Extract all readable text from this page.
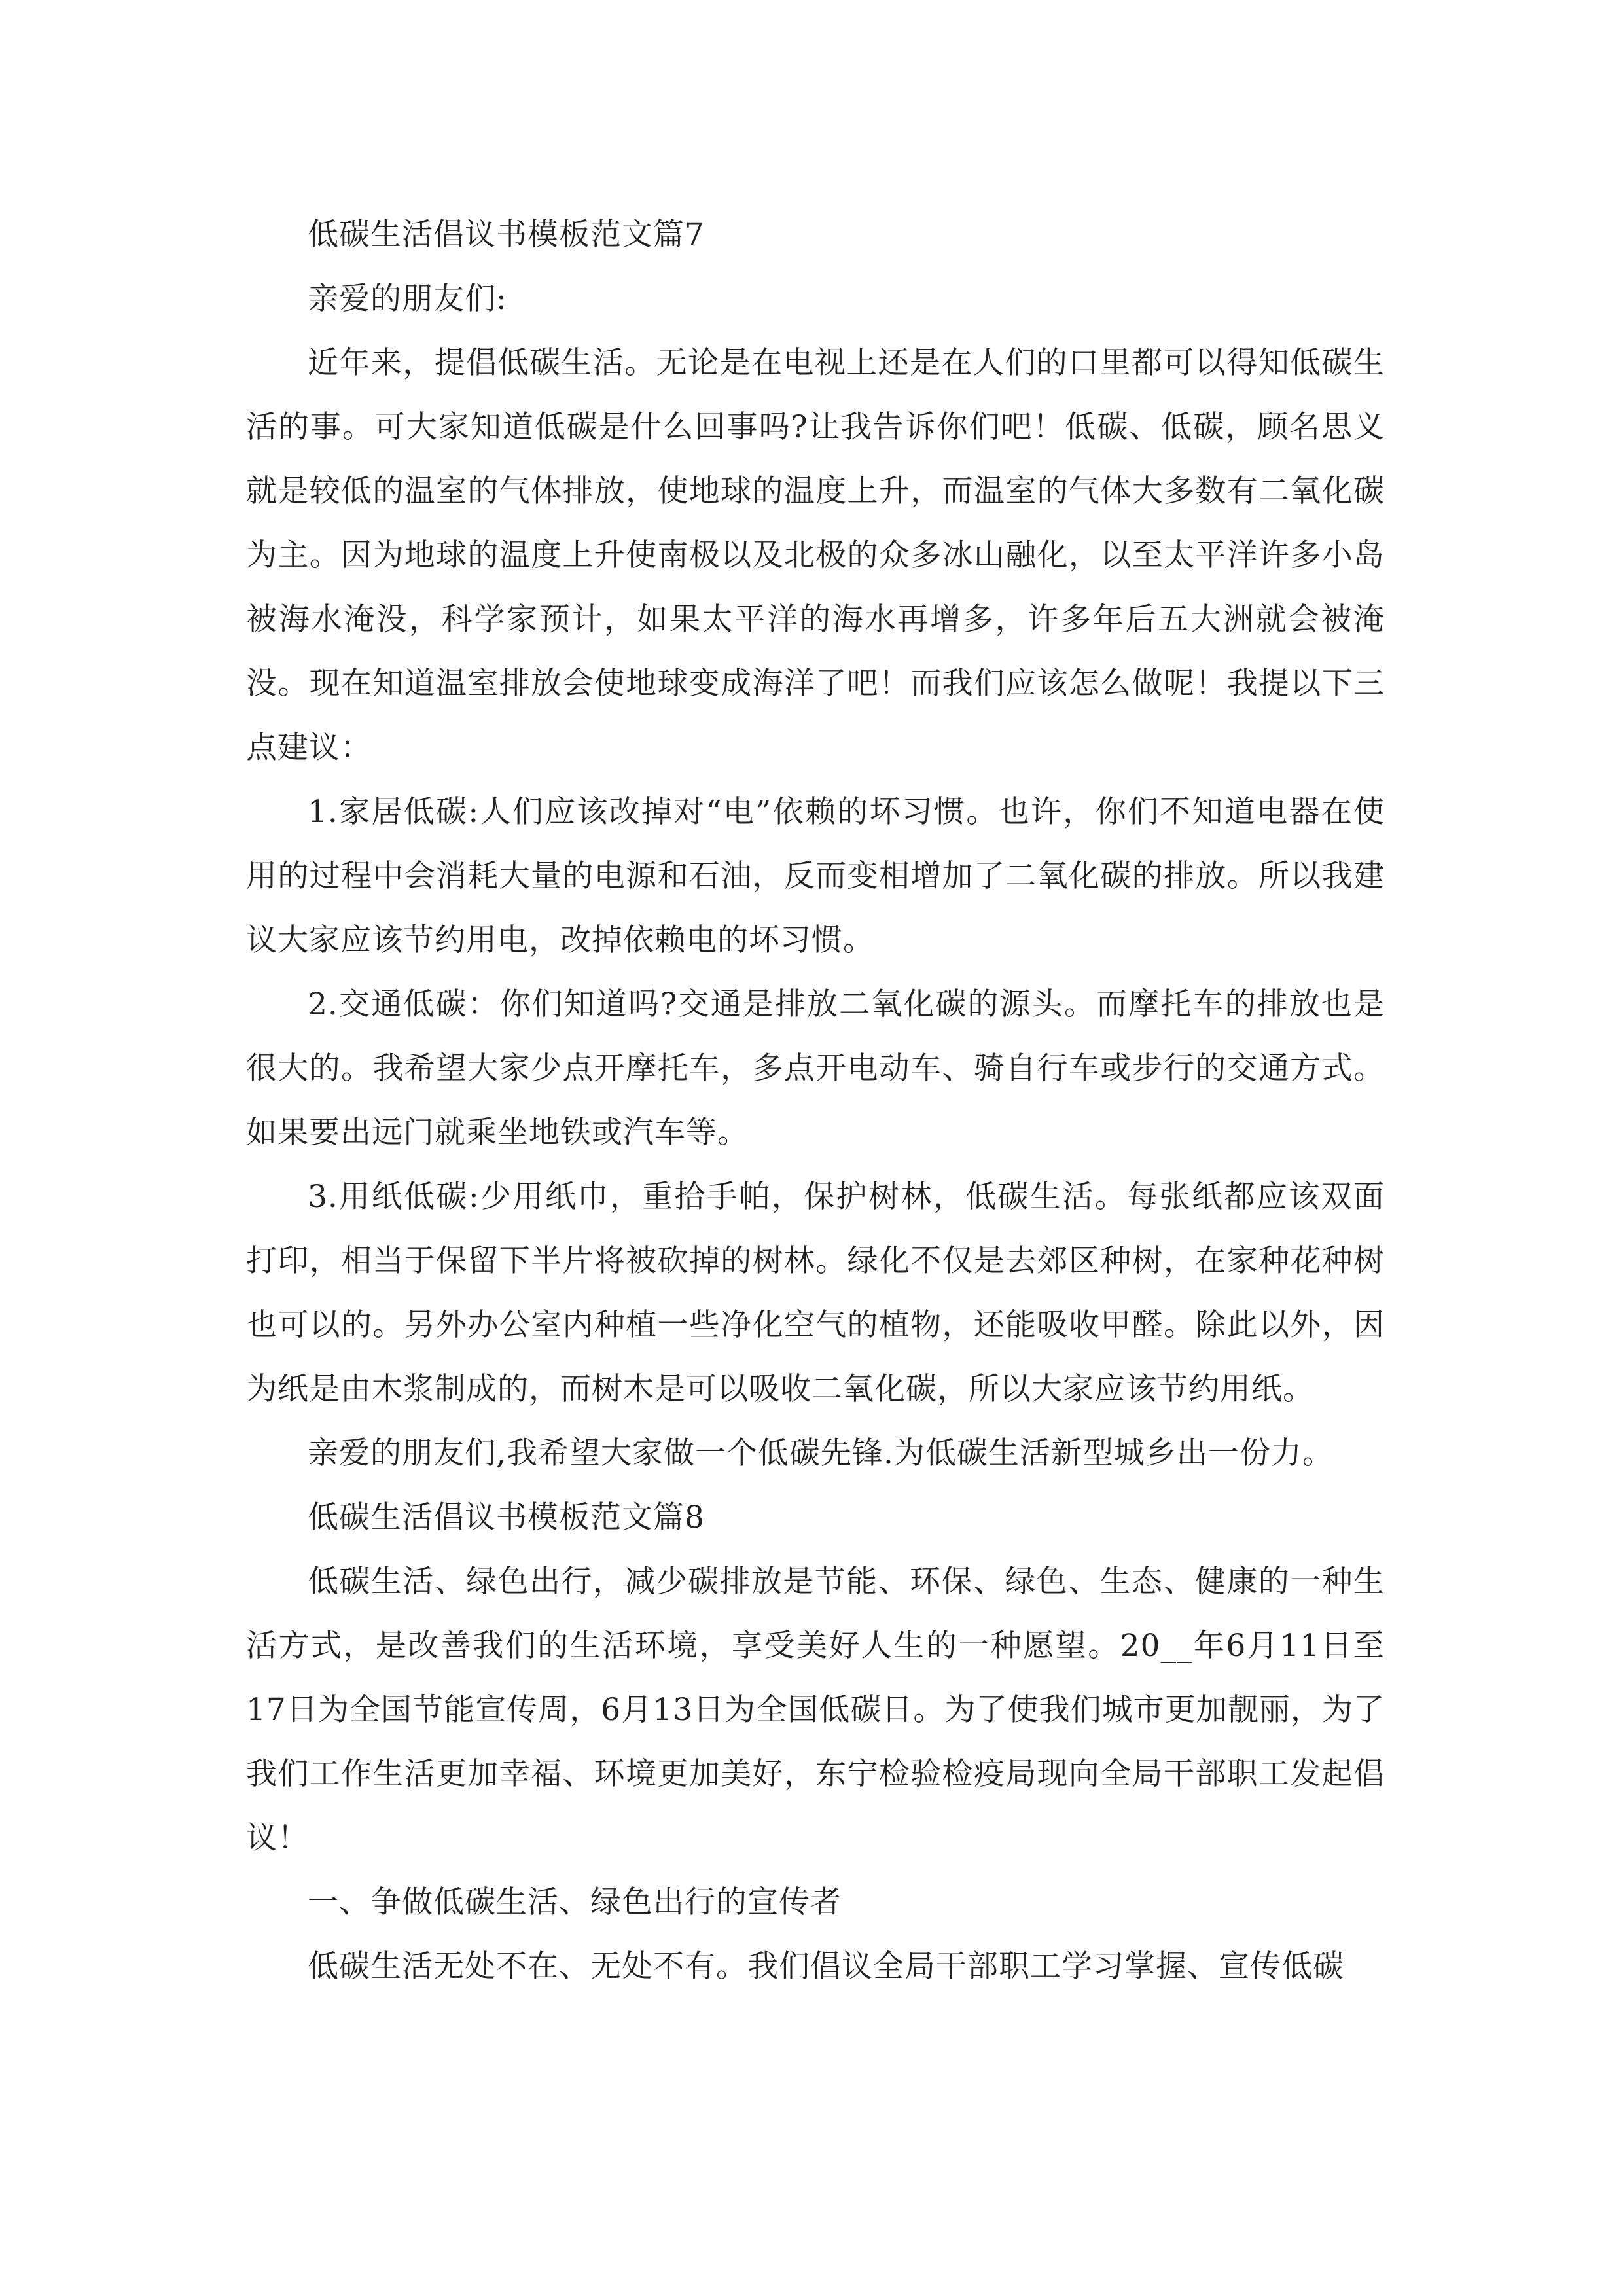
低碳生活倡议书模板范文篇7

亲爱的朋友们:

近年来，提倡低碳生活。无论是在电视上还是在人们的口里都可以得知低碳生活的事。可大家知道低碳是什么回事吗?让我告诉你们吧！低碳、低碳，顾名思义就是较低的温室的气体排放，使地球的温度上升，而温室的气体大多数有二氧化碳为主。因为地球的温度上升使南极以及北极的众多冰山融化，以至太平洋许多小岛被海水淹没，科学家预计，如果太平洋的海水再增多，许多年后五大洲就会被淹没。现在知道温室排放会使地球变成海洋了吧！而我们应该怎么做呢！我提以下三点建议：

1.家居低碳:人们应该改掉对“电”依赖的坏习惯。也许，你们不知道电器在使用的过程中会消耗大量的电源和石油，反而变相增加了二氧化碳的排放。所以我建议大家应该节约用电，改掉依赖电的坏习惯。

2.交通低碳：你们知道吗?交通是排放二氧化碳的源头。而摩托车的排放也是很大的。我希望大家少点开摩托车，多点开电动车、骑自行车或步行的交通方式。如果要出远门就乘坐地铁或汽车等。

3.用纸低碳:少用纸巾，重拾手帕，保护树林，低碳生活。每张纸都应该双面打印，相当于保留下半片将被砍掉的树林。绿化不仅是去郊区种树，在家种花种树也可以的。另外办公室内种植一些净化空气的植物，还能吸收甲醛。除此以外，因为纸是由木浆制成的，而树木是可以吸收二氧化碳，所以大家应该节约用纸。

亲爱的朋友们,我希望大家做一个低碳先锋.为低碳生活新型城乡出一份力。

低碳生活倡议书模板范文篇8

低碳生活、绿色出行，减少碳排放是节能、环保、绿色、生态、健康的一种生活方式，是改善我们的生活环境，享受美好人生的一种愿望。20__年6月11日至17日为全国节能宣传周，6月13日为全国低碳日。为了使我们城市更加靓丽，为了我们工作生活更加幸福、环境更加美好，东宁检验检疫局现向全局干部职工发起倡议！

一、争做低碳生活、绿色出行的宣传者

低碳生活无处不在、无处不有。我们倡议全局干部职工学习掌握、宣传低碳
